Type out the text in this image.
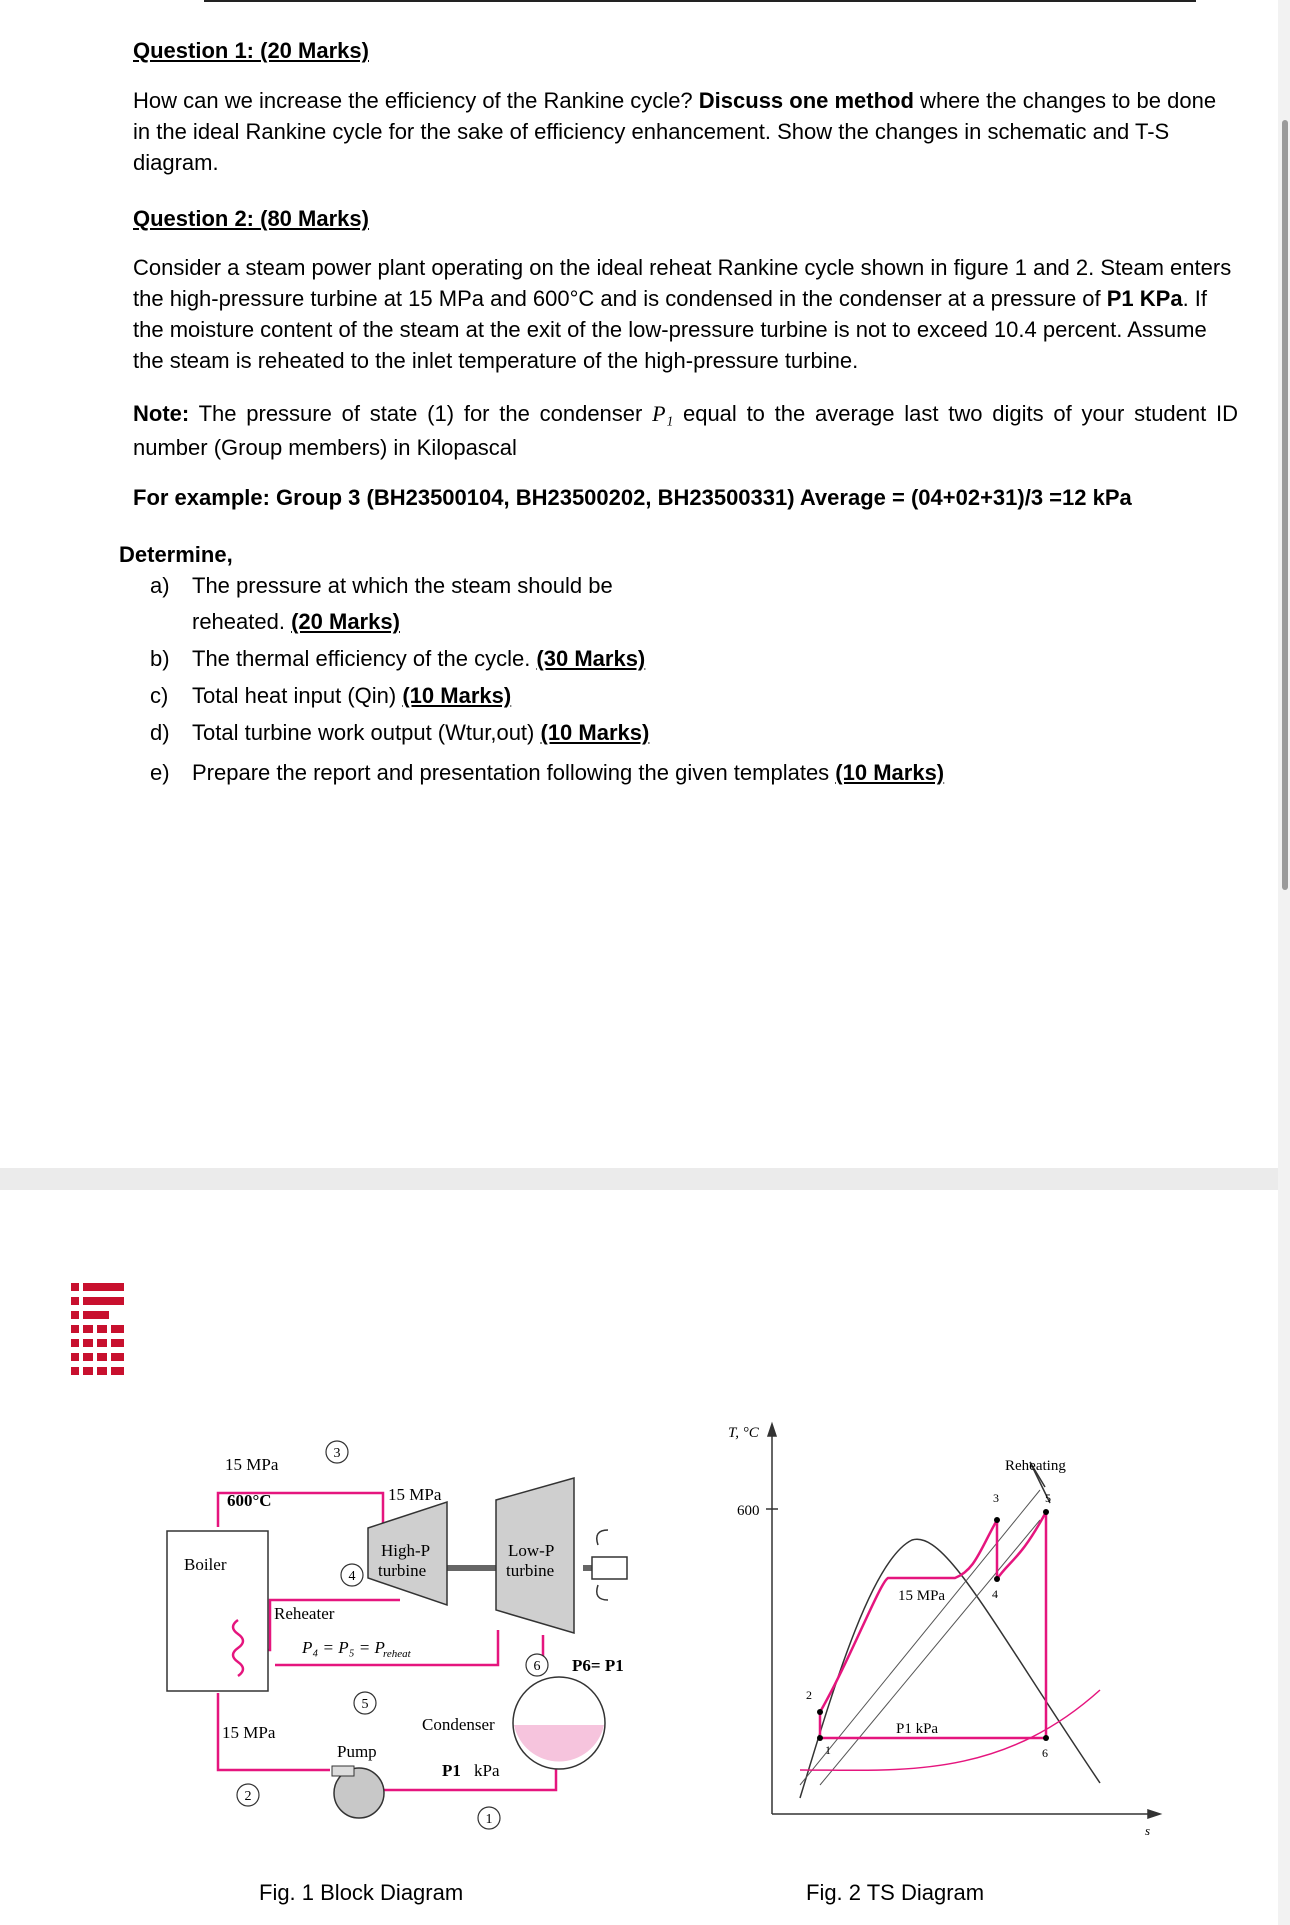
Question 1: (20 Marks)
How can we increase the efficiency of the Rankine cycle? Discuss one method where the changes to be done in the ideal Rankine cycle for the sake of efficiency enhancement. Show the changes in schematic and T-S diagram.
Question 2: (80 Marks)
Consider a steam power plant operating on the ideal reheat Rankine cycle shown in figure 1 and 2. Steam enters the high-pressure turbine at 15 MPa and 600°C and is condensed in the condenser at a pressure of P1 KPa. If the moisture content of the steam at the exit of the low-pressure turbine is not to exceed 10.4 percent. Assume the steam is reheated to the inlet temperature of the high-pressure turbine.
Note: The pressure of state (1) for the condenser P₁ equal to the average last two digits of your student ID number (Group members) in Kilopascal
For example: Group 3 (BH23500104, BH23500202, BH23500331) Average = (04+02+31)/3 =12 kPa
Determine,
a) The pressure at which the steam should be
reheated. (20 Marks)
b) The thermal efficiency of the cycle. (30 Marks)
c) Total heat input (Qin) (10 Marks)
d) Total turbine work output (Wtur,out) (10 Marks)
e) Prepare the report and presentation following the given templates (10 Marks)
3
4
5
6
2
1
15 MPa
600°C	15 MPa
Boiler
High-P
turbine
Low-P
turbine
Reheater
P₄ = P₅ = P
reheat
P6= P1
Condenser
15 MPa
Pump
P1 kPa
T, °C
s
600
Reheating
15 MPa
P1 kPa
1
2
3
4
5
6
Fig. 1 Block Diagram	Fig. 2 TS Diagram
